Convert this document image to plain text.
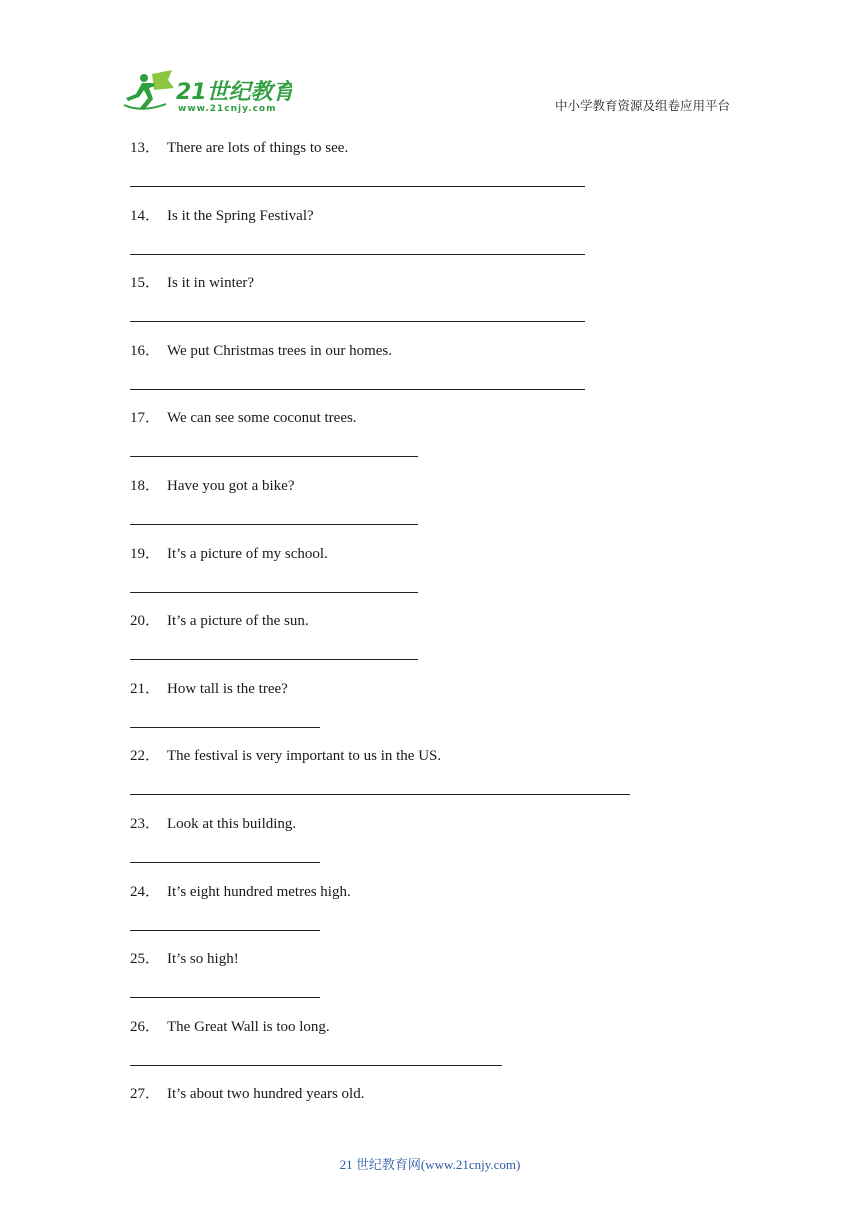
21世纪教育
www.21cnjy.com	中小学教育资源及组卷应用平台
13． There are lots of things to see.
14． Is it the Spring Festival?
15． Is it in winter?
16． We put Christmas trees in our homes.
17． We can see some coconut trees.
18． Have you got a bike?
19． It’s a picture of my school.
20． It’s a picture of the sun.
21． How tall is the tree?
22． The festival is very important to us in the US.
23． Look at this building.
24． It’s eight hundred metres high.
25． It’s so high!
26． The Great Wall is too long.
27． It’s about two hundred years old.
21 世纪教育网(www.21cnjy.com)
